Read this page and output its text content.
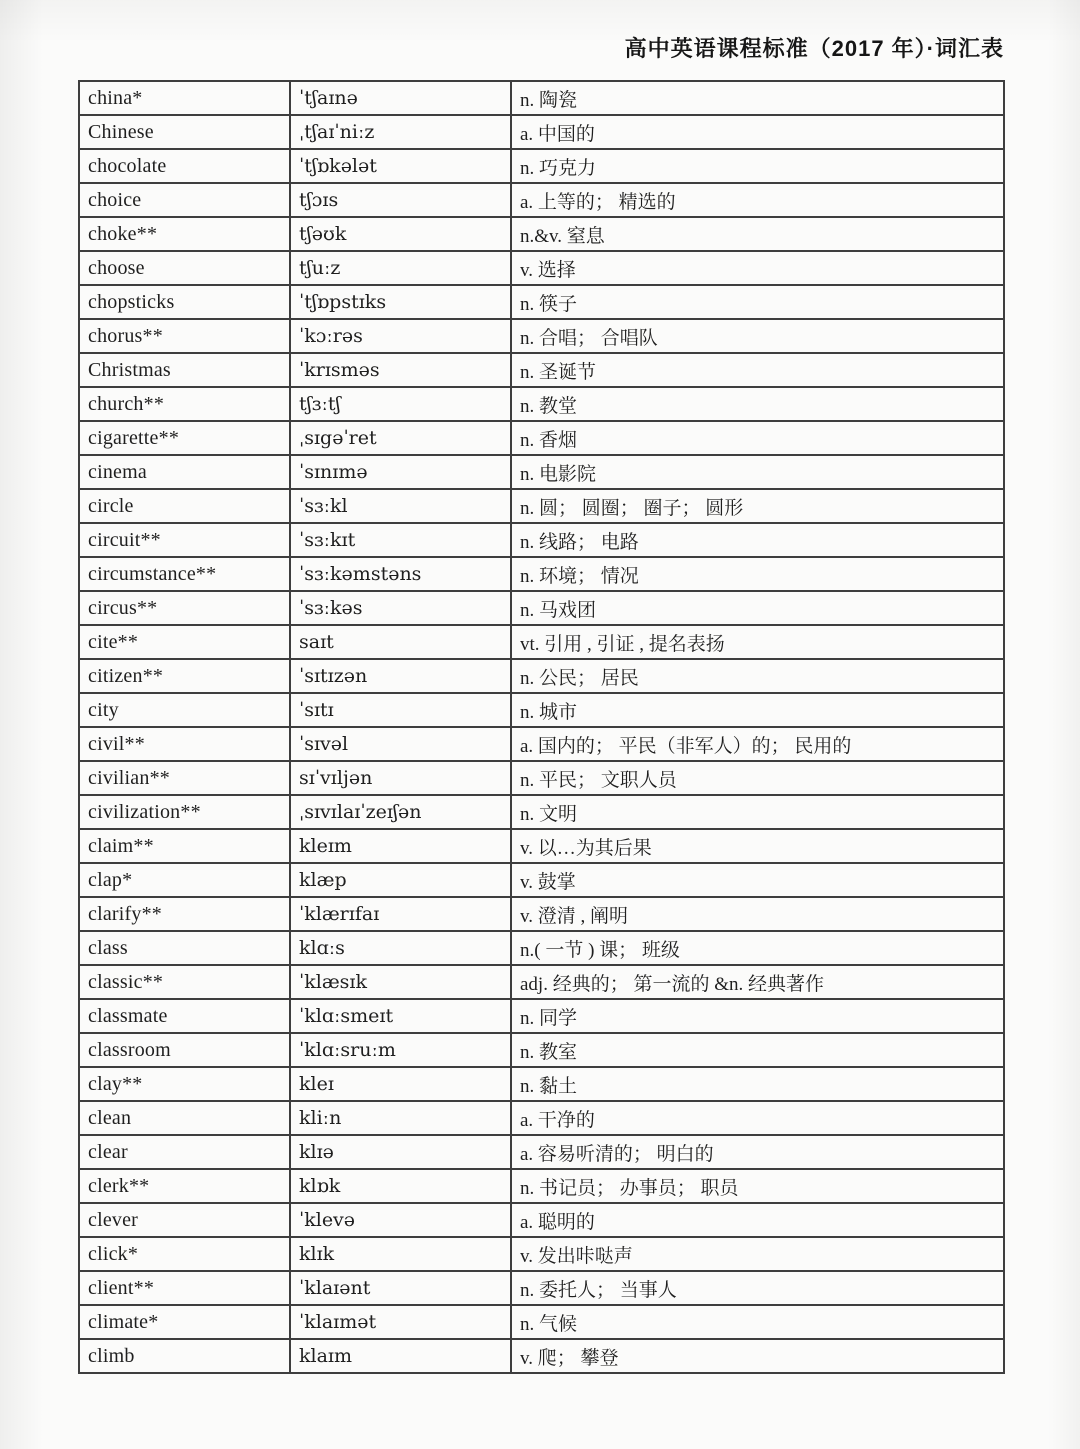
高中英语课程标准（2017 年）·词汇表
china*	ˈtʃaɪnə	n. 陶瓷
Chinese	ˌtʃaɪˈniːz	a. 中国的
chocolate	ˈtʃɒkələt	n. 巧克力
choice	tʃɔɪs	a. 上等的； 精选的
choke**	tʃəʊk	n.&v. 窒息
choose	tʃuːz	v. 选择
chopsticks	ˈtʃɒpstɪks	n. 筷子
chorus**	ˈkɔːrəs	n. 合唱； 合唱队
Christmas	ˈkrɪsməs	n. 圣诞节
church**	tʃɜːtʃ	n. 教堂
cigarette**	ˌsɪgəˈret	n. 香烟
cinema	ˈsɪnɪmə	n. 电影院
circle	ˈsɜːkl	n. 圆； 圆圈； 圈子； 圆形
circuit**	ˈsɜːkɪt	n. 线路； 电路
circumstance**	ˈsɜːkəmstəns	n. 环境； 情况
circus**	ˈsɜːkəs	n. 马戏团
cite**	saɪt	vt. 引用 , 引证 , 提名表扬
citizen**	ˈsɪtɪzən	n. 公民； 居民
city	ˈsɪtɪ	n. 城市
civil**	ˈsɪvəl	a. 国内的； 平民（非军人）的； 民用的
civilian**	sɪˈvɪljən	n. 平民； 文职人员
civilization**	ˌsɪvɪlaɪˈzeɪʃən	n. 文明
claim**	kleɪm	v. 以…为其后果
clap*	klæp	v. 鼓掌
clarify**	ˈklærɪfaɪ	v. 澄清 , 阐明
class	klɑːs	n.( 一节 ) 课； 班级
classic**	ˈklæsɪk	adj. 经典的； 第一流的 &n. 经典著作
classmate	ˈklɑːsmeɪt	n. 同学
classroom	ˈklɑːsruːm	n. 教室
clay**	kleɪ	n. 黏土
clean	kliːn	a. 干净的
clear	klɪə	a. 容易听清的； 明白的
clerk**	klɒk	n. 书记员； 办事员； 职员
clever	ˈklevə	a. 聪明的
click*	klɪk	v. 发出咔哒声
client**	ˈklaɪənt	n. 委托人； 当事人
climate*	ˈklaɪmət	n. 气候
climb	klaɪm	v. 爬； 攀登
